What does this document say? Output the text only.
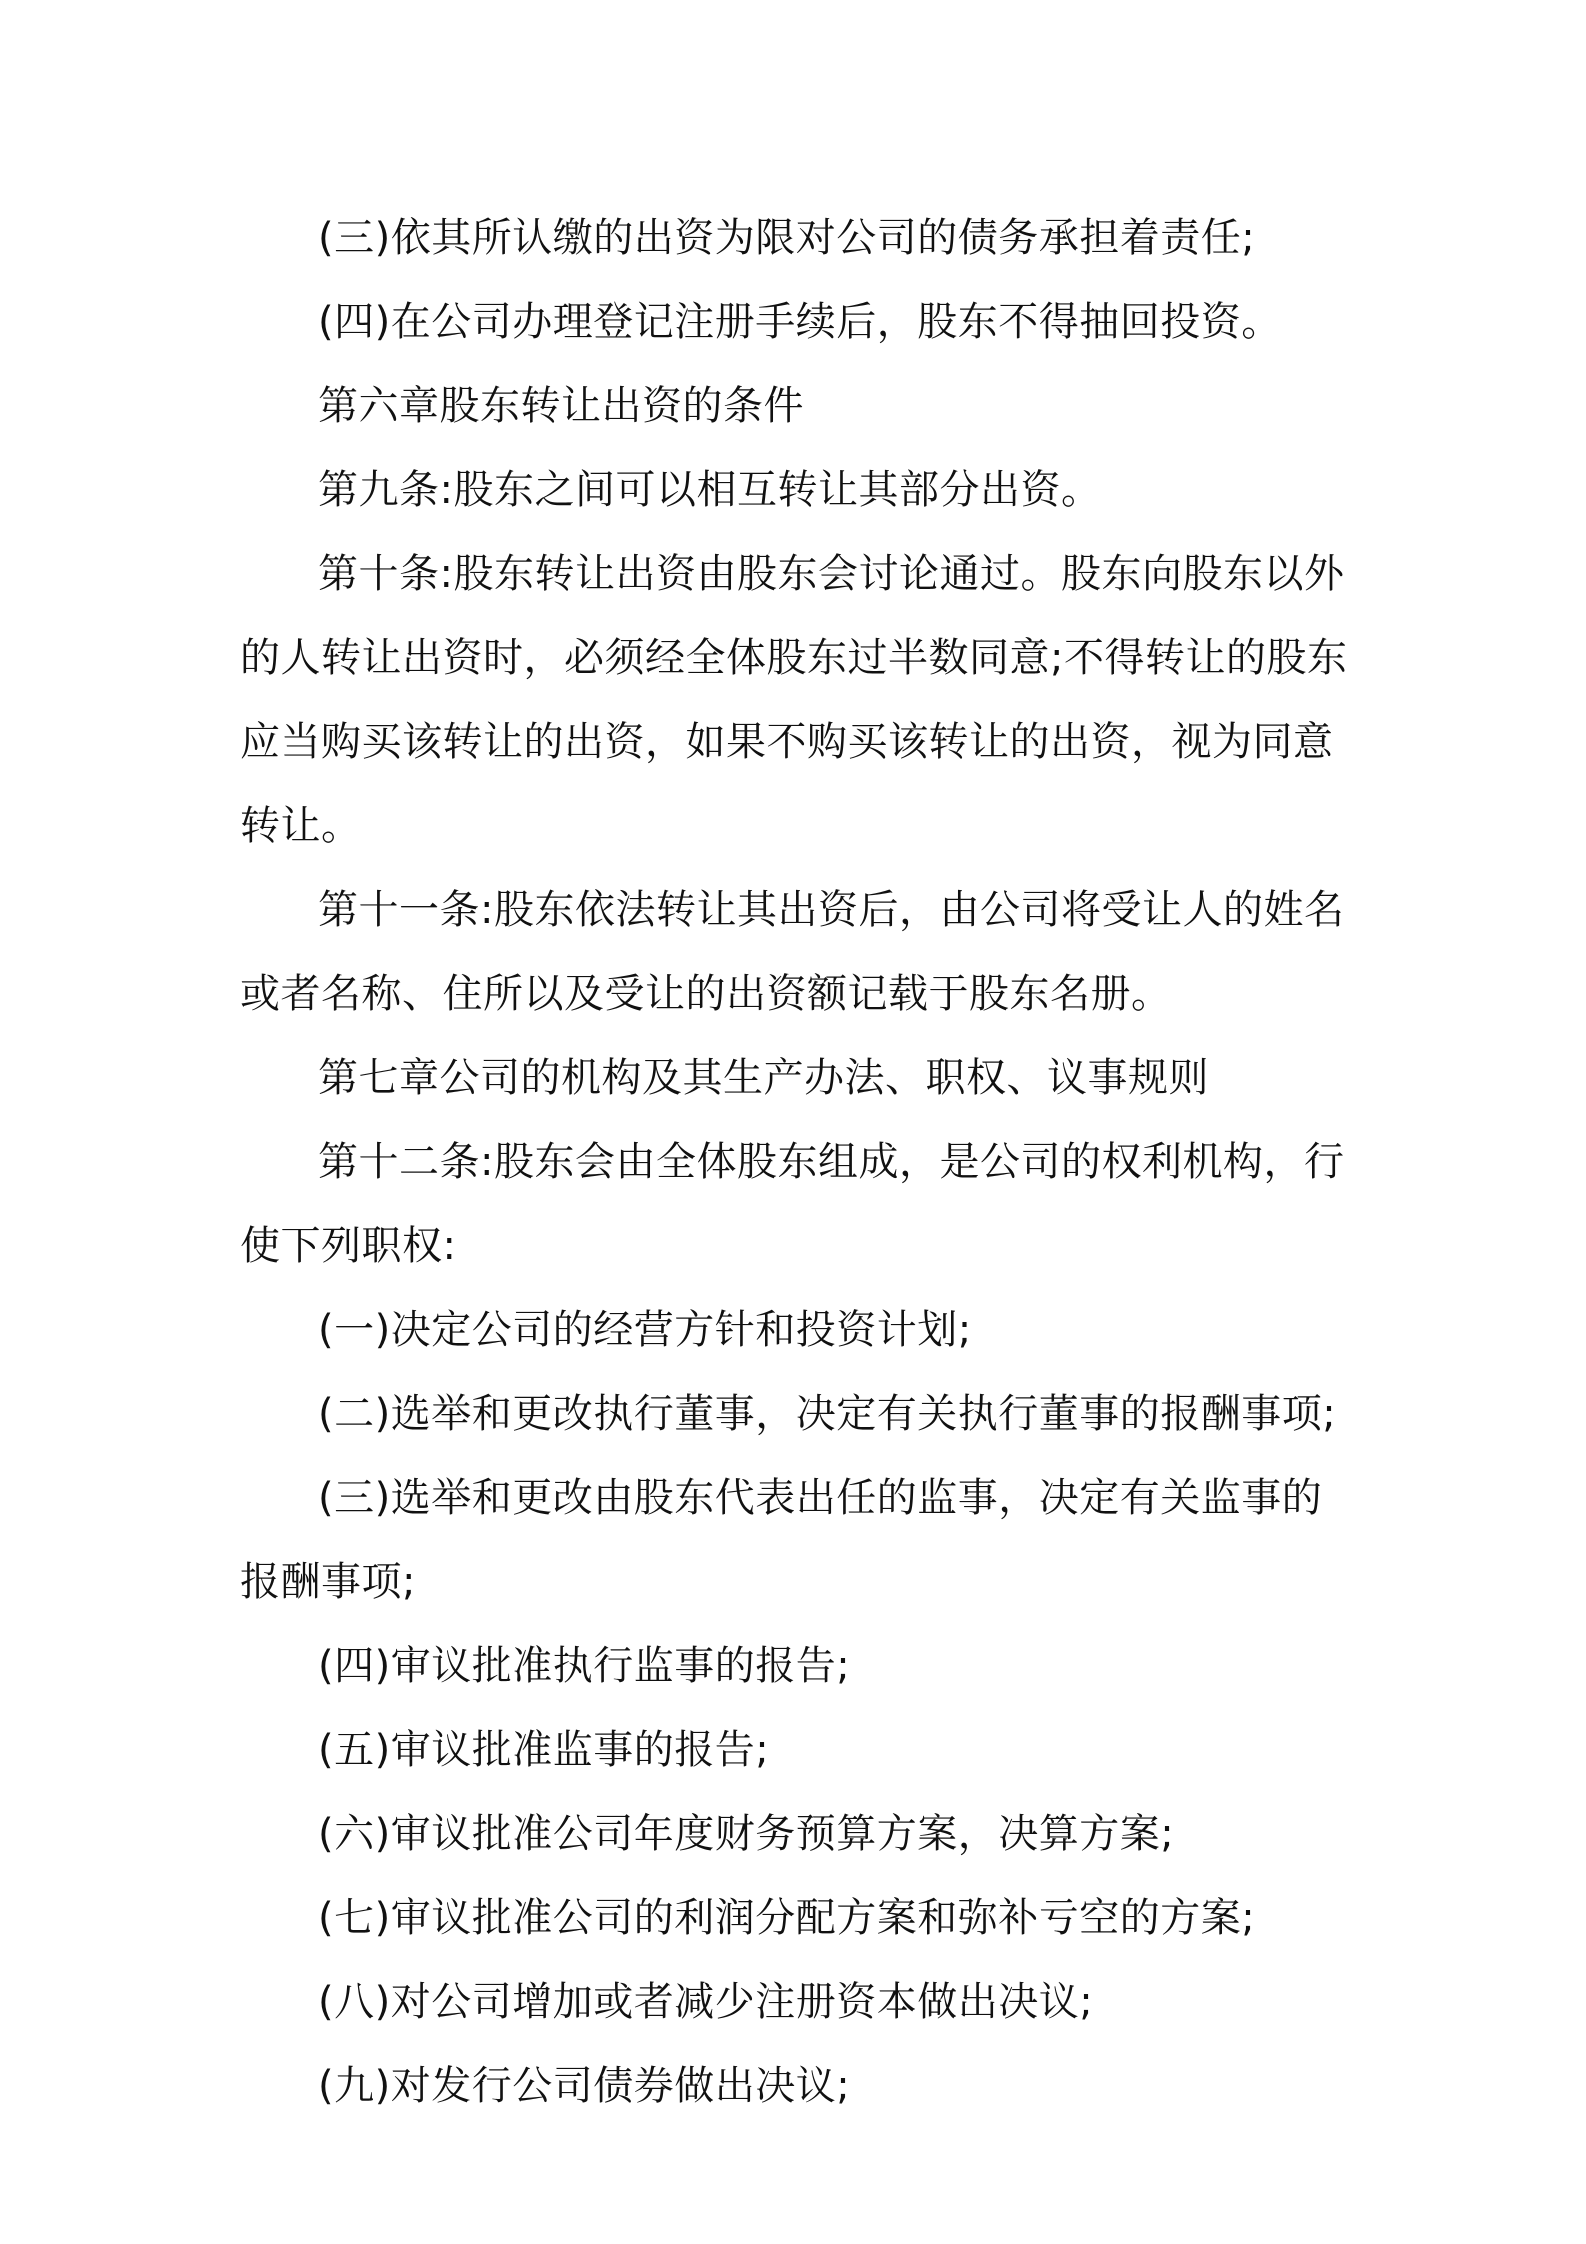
(三)依其所认缴的出资为限对公司的债务承担着责任;

(四)在公司办理登记注册手续后，股东不得抽回投资。

第六章股东转让出资的条件

第九条:股东之间可以相互转让其部分出资。

第十条:股东转让出资由股东会讨论通过。股东向股东以外的人转让出资时，必须经全体股东过半数同意;不得转让的股东应当购买该转让的出资，如果不购买该转让的出资，视为同意转让。

第十一条:股东依法转让其出资后，由公司将受让人的姓名或者名称、住所以及受让的出资额记载于股东名册。

第七章公司的机构及其生产办法、职权、议事规则

第十二条:股东会由全体股东组成，是公司的权利机构，行使下列职权:

(一)决定公司的经营方针和投资计划;

(二)选举和更改执行董事，决定有关执行董事的报酬事项;

(三)选举和更改由股东代表出任的监事，决定有关监事的报酬事项;

(四)审议批准执行监事的报告;

(五)审议批准监事的报告;

(六)审议批准公司年度财务预算方案，决算方案;

(七)审议批准公司的利润分配方案和弥补亏空的方案;

(八)对公司增加或者减少注册资本做出决议;

(九)对发行公司债券做出决议;
